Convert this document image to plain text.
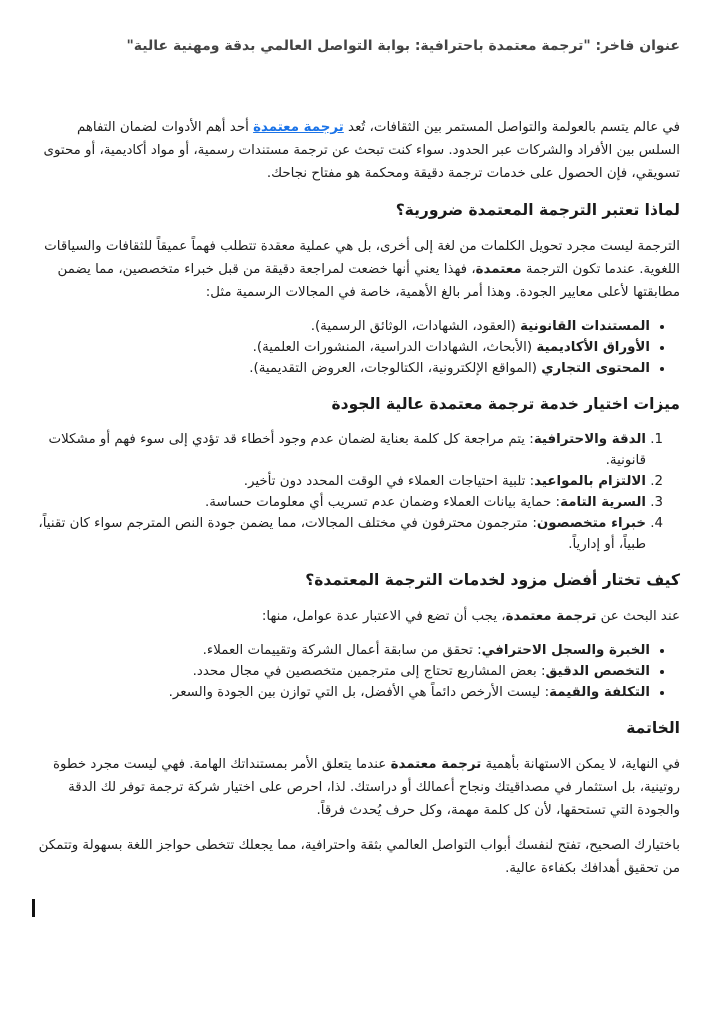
عنوان فاخر: "ترجمة معتمدة باحترافية: بوابة التواصل العالمي بدقة ومهنية عالية"

في عالم يتسم بالعولمة والتواصل المستمر بين الثقافات، تُعد ترجمة معتمدة أحد أهم الأدوات لضمان التفاهم السلس بين الأفراد والشركات عبر الحدود. سواء كنت تبحث عن ترجمة مستندات رسمية، أو مواد أكاديمية، أو محتوى تسويقي، فإن الحصول على خدمات ترجمة دقيقة ومحكمة هو مفتاح نجاحك.

لماذا تعتبر الترجمة المعتمدة ضرورية؟

الترجمة ليست مجرد تحويل الكلمات من لغة إلى أخرى، بل هي عملية معقدة تتطلب فهماً عميقاً للثقافات والسياقات اللغوية. عندما تكون الترجمة معتمدة، فهذا يعني أنها خضعت لمراجعة دقيقة من قبل خبراء متخصصين، مما يضمن مطابقتها لأعلى معايير الجودة. وهذا أمر بالغ الأهمية، خاصة في المجالات الرسمية مثل:

• المستندات القانونية (العقود، الشهادات، الوثائق الرسمية).
• الأوراق الأكاديمية (الأبحاث، الشهادات الدراسية، المنشورات العلمية).
• المحتوى التجاري (المواقع الإلكترونية، الكتالوجات، العروض التقديمية).
ميزات اختيار خدمة ترجمة معتمدة عالية الجودة
1. الدقة والاحترافية: يتم مراجعة كل كلمة بعناية لضمان عدم وجود أخطاء قد تؤدي إلى سوء فهم أو مشكلات قانونية.
2. الالتزام بالمواعيد: تلبية احتياجات العملاء في الوقت المحدد دون تأخير.
3. السرية التامة: حماية بيانات العملاء وضمان عدم تسريب أي معلومات حساسة.
4. خبراء متخصصون: مترجمون محترفون في مختلف المجالات، مما يضمن جودة النص المترجم سواء كان تقنياً، طبياً، أو إدارياً.
كيف تختار أفضل مزود لخدمات الترجمة المعتمدة؟

عند البحث عن ترجمة معتمدة، يجب أن تضع في الاعتبار عدة عوامل، منها:

• الخبرة والسجل الاحترافي: تحقق من سابقة أعمال الشركة وتقييمات العملاء.
• التخصص الدقيق: بعض المشاريع تحتاج إلى مترجمين متخصصين في مجال محدد.
• التكلفة والقيمة: ليست الأرخص دائماً هي الأفضل، بل التي توازن بين الجودة والسعر.
الخاتمة

في النهاية، لا يمكن الاستهانة بأهمية ترجمة معتمدة عندما يتعلق الأمر بمستنداتك الهامة. فهي ليست مجرد خطوة روتينية، بل استثمار في مصداقيتك ونجاح أعمالك أو دراستك. لذا، احرص على اختيار شركة ترجمة توفر لك الدقة والجودة التي تستحقها، لأن كل كلمة مهمة، وكل حرف يُحدث فرقاً.

باختيارك الصحيح، تفتح لنفسك أبواب التواصل العالمي بثقة واحترافية، مما يجعلك تتخطى حواجز اللغة بسهولة وتتمكن من تحقيق أهدافك بكفاءة عالية.
